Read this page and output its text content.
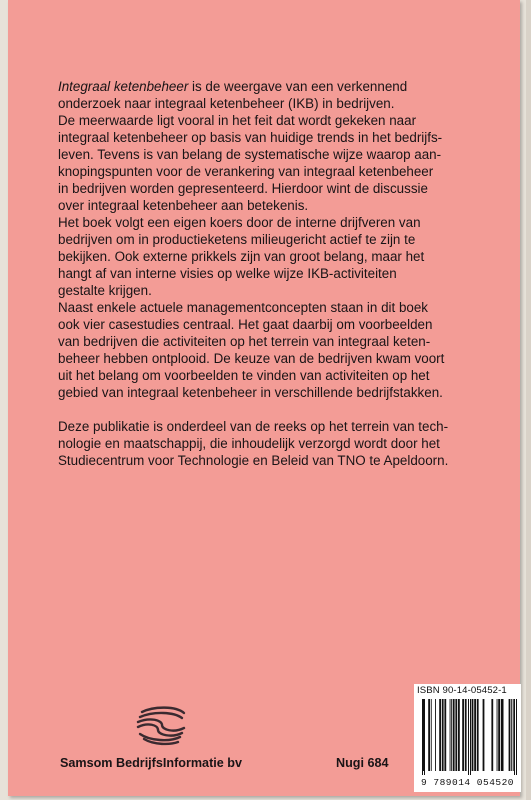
Integraal ketenbeheer is de weergave van een verkennend
onderzoek naar integraal ketenbeheer (IKB) in bedrijven.
De meerwaarde ligt vooral in het feit dat wordt gekeken naar
integraal ketenbeheer op basis van huidige trends in het bedrijfs-
leven. Tevens is van belang de systematische wijze waarop aan-
knopingspunten voor de verankering van integraal ketenbeheer
in bedrijven worden gepresenteerd. Hierdoor wint de discussie
over integraal ketenbeheer aan betekenis.
Het boek volgt een eigen koers door de interne drijfveren van
bedrijven om in productieketens milieugericht actief te zijn te
bekijken. Ook externe prikkels zijn van groot belang, maar het
hangt af van interne visies op welke wijze IKB-activiteiten
gestalte krijgen.
Naast enkele actuele managementconcepten staan in dit boek
ook vier casestudies centraal. Het gaat daarbij om voorbeelden
van bedrijven die activiteiten op het terrein van integraal keten-
beheer hebben ontplooid. De keuze van de bedrijven kwam voort
uit het belang om voorbeelden te vinden van activiteiten op het
gebied van integraal ketenbeheer in verschillende bedrijfstakken.
Deze publikatie is onderdeel van de reeks op het terrein van tech-
nologie en maatschappij, die inhoudelijk verzorgd wordt door het
Studiecentrum voor Technologie en Beleid van TNO te Apeldoorn.
Samsom BedrijfsInformatie bv	Nugi 684
ISBN 90-14-05452-1
9 789014 054520
